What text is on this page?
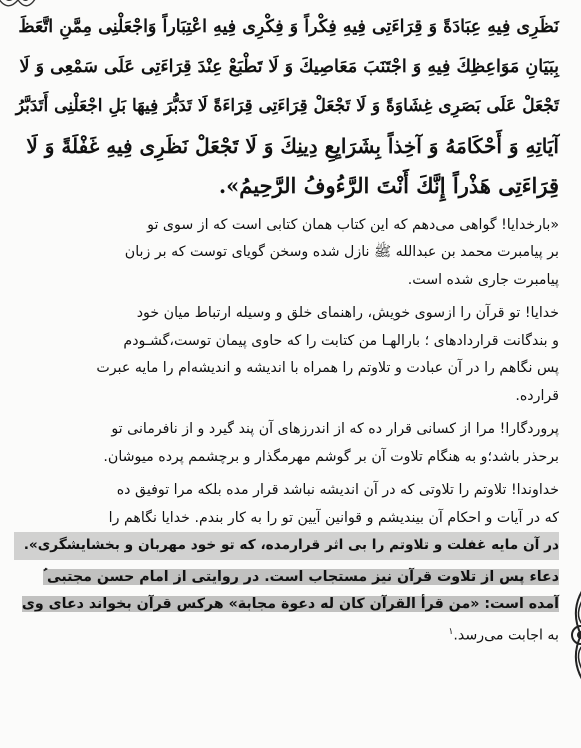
نَظَرِی فِیهِ عِبَادَةً وَ قِرَاءَتِی فِیهِ فِکْراً وَ فِکْرِی فِیهِ اعْتِبَاراً وَاجْعَلْنِی مِمَّنِ اتَّعَظَ
بِبَیَانِ مَوَاعِظِكَ فِیهِ وَ اجْتَنَبَ مَعَاصِیكَ وَ لَا تَطْبَعْ عِنْدَ قِرَاءَتِی عَلَى سَمْعِی وَ لَا
تَجْعَلْ عَلَى بَصَرِی غِشَاوَةً وَ لَا تَجْعَلْ قِرَاءَتِی قِرَاءَةً لَا تَدَبُّرَ فِیهَا بَلِ اجْعَلْنِی أَتَدَبَّرُ
آیَاتِهِ وَ أَحْكَامَهُ وَ آخِذاً بِشَرَایِعِ دِینِكَ وَ لَا تَجْعَلْ نَظَرِی فِیهِ غَفْلَةً وَ لَا
قِرَاءَتِی هَذْراً إِنَّكَ أَنْتَ الرَّءُوفُ الرَّحِیمُ».
«بارخدایا! گواهی می‌دهم که این کتاب همان کتابی است که از سوی تو
بر پیامبرت محمد بن عبدالله ﷺ نازل شده وسخن گویای توست که بر زبان
پیامبرت جاری شده است.
خدایا! تو قرآن را ازسوی خویش، راهنمای خلق و وسیله ارتباط میان خود
و بندگانت قراردادهای ؛ بارالهـا من کتابت را که حاوی پیمان توست،گشـودم
پس نگاهم را در آن عبادت و تلاوتم را همراه با اندیشه و اندیشه‌ام را مایه عبرت
قرارده.
پروردگارا! مرا از کسانی قرار ده که از اندرزهای آن پند گیرد و از نافرمانی تو
برحذر باشد؛و به هنگام تلاوت آن بر گوشم مهرمگذار و برچشمم پرده میوشان.
خداوندا! تلاوتم را تلاوتی که در آن اندیشه نباشد قرار مده بلکه مرا توفیق ده
که در آیات و احکام آن بیندیشم و قوانین آیین تو را به کار بندم. خدایا نگاهم را
در آن مایه غفلت و تلاوتم را بی اثر قرارمده، که تو خود مهربان و بخشایشگری».
دعاء پس از تلاوت قرآن نیز مستجاب است. در روایتی از امام حسن مجتبی ؑ
آمده است: «من قرأ القرآن کان له دعوة مجابة» هرکس قرآن بخواند دعای وی
به اجابت می‌رسد.$^۱$
